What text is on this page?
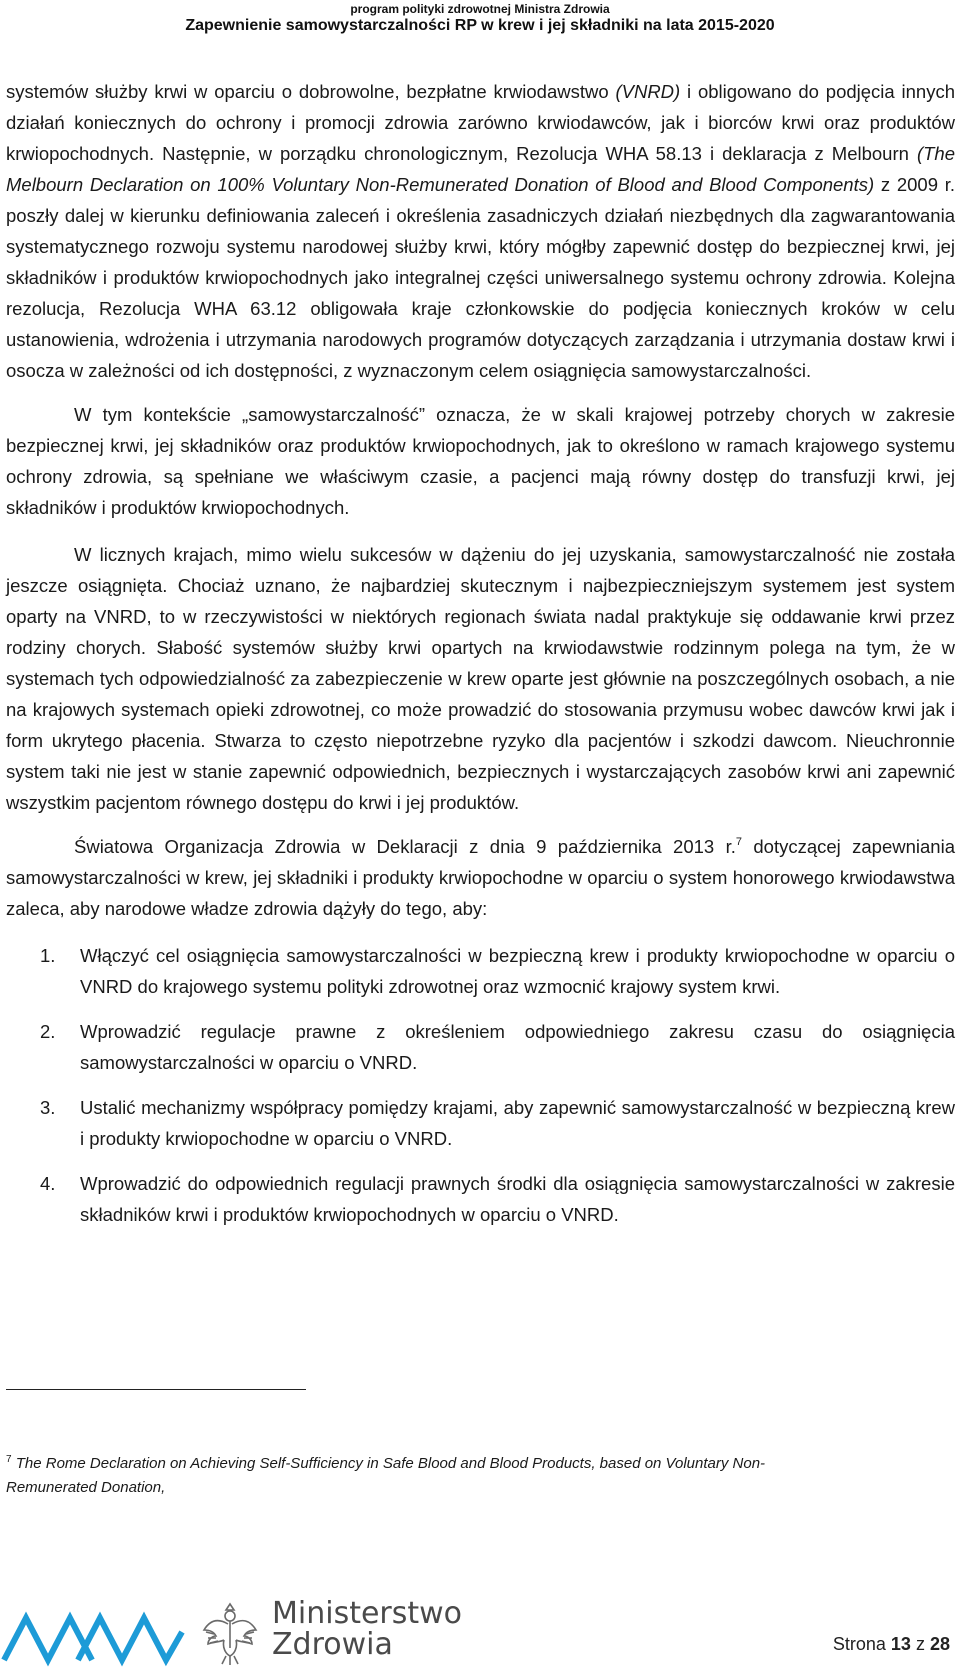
program polityki zdrowotnej Ministra Zdrowia
Zapewnienie samowystarczalności RP w krew i jej składniki na lata 2015-2020

systemów służby krwi w oparciu o dobrowolne, bezpłatne krwiodawstwo (VNRD) i obligowano do podjęcia innych działań koniecznych do ochrony i promocji zdrowia zarówno krwiodawców, jak i biorców krwi oraz produktów krwiopochodnych. Następnie, w porządku chronologicznym, Rezolucja WHA 58.13 i deklaracja z Melbourn (The Melbourn Declaration on 100% Voluntary Non-Remunerated Donation of Blood and Blood Components) z 2009 r. poszły dalej w kierunku definiowania zaleceń i określenia zasadniczych działań niezbędnych dla zagwarantowania systematycznego rozwoju systemu narodowej służby krwi, który mógłby zapewnić dostęp do bezpiecznej krwi, jej składników i produktów krwiopochodnych jako integralnej części uniwersalnego systemu ochrony zdrowia. Kolejna rezolucja, Rezolucja WHA 63.12 obligowała kraje członkowskie do podjęcia koniecznych kroków w celu ustanowienia, wdrożenia i utrzymania narodowych programów dotyczących zarządzania i utrzymania dostaw krwi i osocza w zależności od ich dostępności, z wyznaczonym celem osiągnięcia samowystarczalności.

W tym kontekście „samowystarczalność” oznacza, że w skali krajowej potrzeby chorych w zakresie bezpiecznej krwi, jej składników oraz produktów krwiopochodnych, jak to określono w ramach krajowego systemu ochrony zdrowia, są spełniane we właściwym czasie, a pacjenci mają równy dostęp do transfuzji krwi, jej składników i produktów krwiopochodnych.

W licznych krajach, mimo wielu sukcesów w dążeniu do jej uzyskania, samowystarczalność nie została jeszcze osiągnięta. Chociaż uznano, że najbardziej skutecznym i najbezpieczniejszym systemem jest system oparty na VNRD, to w rzeczywistości w niektórych regionach świata nadal praktykuje się oddawanie krwi przez rodziny chorych. Słabość systemów służby krwi opartych na krwiodawstwie rodzinnym polega na tym, że w systemach tych odpowiedzialność za zabezpieczenie w krew oparte jest głównie na poszczególnych osobach, a nie na krajowych systemach opieki zdrowotnej, co może prowadzić do stosowania przymusu wobec dawców krwi jak i form ukrytego płacenia. Stwarza to często niepotrzebne ryzyko dla pacjentów i szkodzi dawcom. Nieuchronnie system taki nie jest w stanie zapewnić odpowiednich, bezpiecznych i wystarczających zasobów krwi ani zapewnić wszystkim pacjentom równego dostępu do krwi i jej produktów.

Światowa Organizacja Zdrowia w Deklaracji z dnia 9 października 2013 r.$^7$ dotyczącej zapewniania samowystarczalności w krew, jej składniki i produkty krwiopochodne w oparciu o system honorowego krwiodawstwa zaleca, aby narodowe władze zdrowia dążyły do tego, aby:

1. Włączyć cel osiągnięcia samowystarczalności w bezpieczną krew i produkty krwiopochodne w oparciu o VNRD do krajowego systemu polityki zdrowotnej oraz wzmocnić krajowy system krwi.
2. Wprowadzić regulacje prawne z określeniem odpowiedniego zakresu czasu do osiągnięcia samowystarczalności w oparciu o VNRD.
3. Ustalić mechanizmy współpracy pomiędzy krajami, aby zapewnić samowystarczalność w bezpieczną krew i produkty krwiopochodne w oparciu o VNRD.
4. Wprowadzić do odpowiednich regulacji prawnych środki dla osiągnięcia samowystarczalności w zakresie składników krwi i produktów krwiopochodnych w oparciu o VNRD.
$^7$ The Rome Declaration on Achieving Self-Sufficiency in Safe Blood and Blood Products, based on Voluntary Non-Remunerated Donation,
Ministerstwo
Zdrowia	Strona 13 z 28
